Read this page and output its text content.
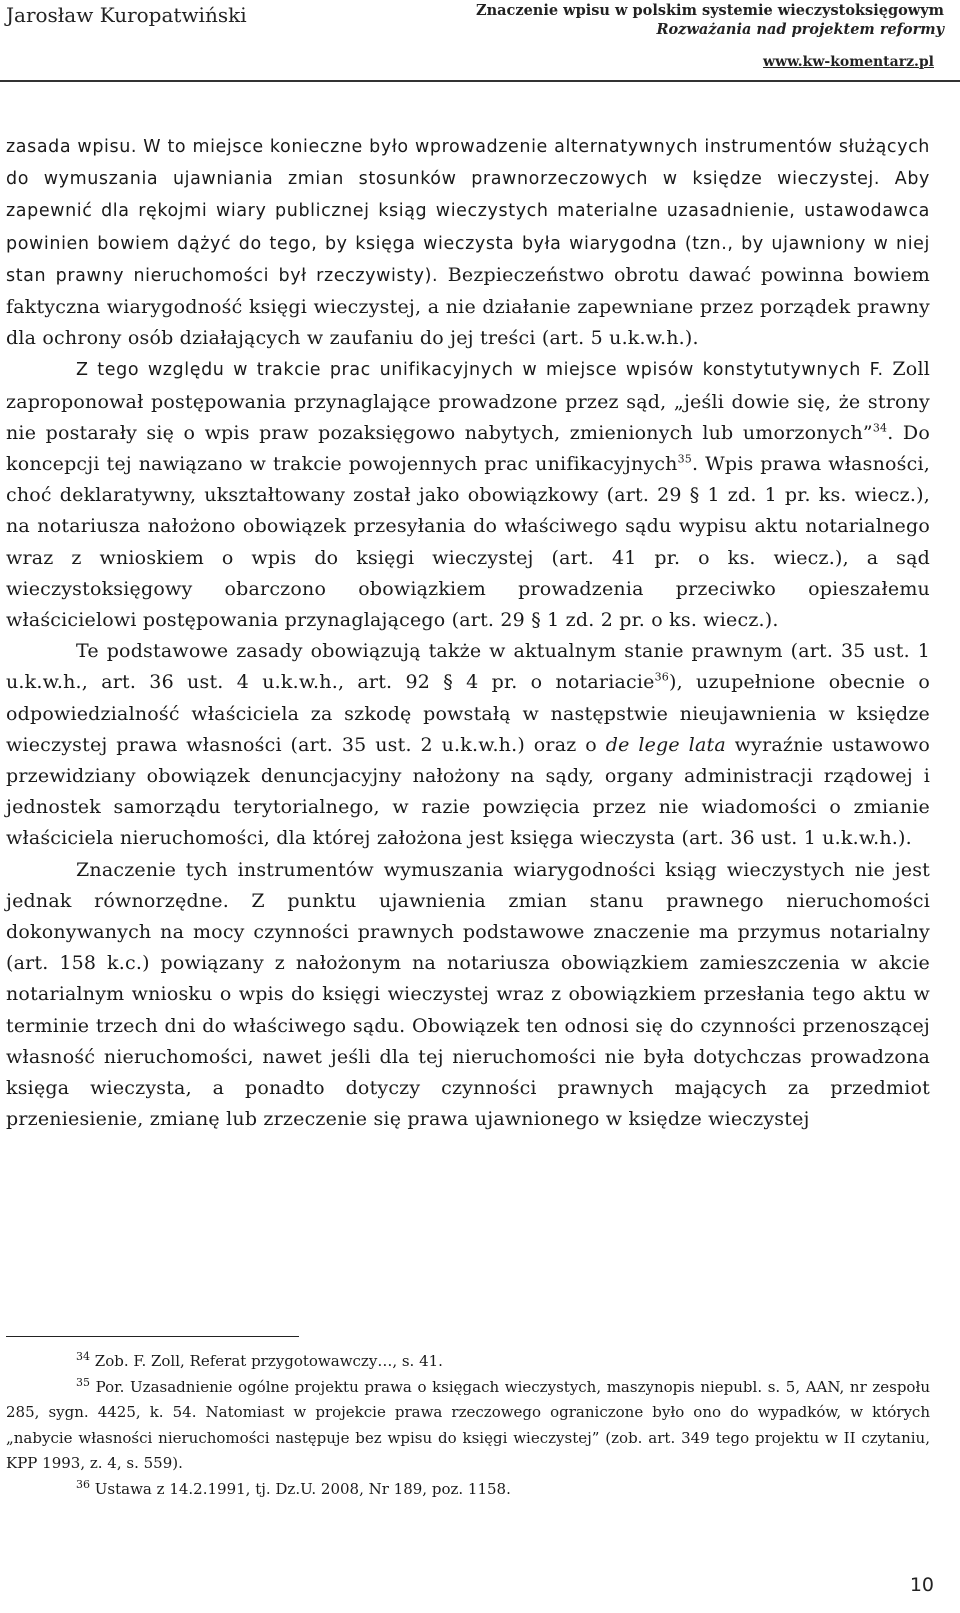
Jarosław Kuropatwiński	Znaczenie wpisu w polskim systemie wieczystoksięgowym
Rozważania nad projektem reformy
www.kw-komentarz.pl

zasada wpisu. W to miejsce konieczne było wprowadzenie alternatywnych instrumentów służących do wymuszania ujawniania zmian stosunków prawnorzeczowych w księdze wieczystej. Aby zapewnić dla rękojmi wiary publicznej ksiąg wieczystych materialne uzasadnienie, ustawodawca powinien bowiem dążyć do tego, by księga wieczysta była wiarygodna (tzn., by ujawniony w niej stan prawny nieruchomości był rzeczywisty). Bezpieczeństwo obrotu dawać powinna bowiem faktyczna wiarygodność księgi wieczystej, a nie działanie zapewniane przez porządek prawny dla ochrony osób działających w zaufaniu do jej treści (art. 5 u.k.w.h.).

Z tego względu w trakcie prac unifikacyjnych w miejsce wpisów konstytutywnych F. Zoll zaproponował postępowania przynaglające prowadzone przez sąd, „jeśli dowie się, że strony nie postarały się o wpis praw pozaksięgowo nabytych, zmienionych lub umorzonych”$^{34}$. Do koncepcji tej nawiązano w trakcie powojennych prac unifikacyjnych$^{35}$. Wpis prawa własności, choć deklaratywny, ukształtowany został jako obowiązkowy (art. 29 § 1 zd. 1 pr. ks. wiecz.), na notariusza nałożono obowiązek przesyłania do właściwego sądu wypisu aktu notarialnego wraz z wnioskiem o wpis do księgi wieczystej (art. 41 pr. o ks. wiecz.), a sąd wieczystoksięgowy obarczono obowiązkiem prowadzenia przeciwko opieszałemu właścicielowi postępowania przynaglającego (art. 29 § 1 zd. 2 pr. o ks. wiecz.).

Te podstawowe zasady obowiązują także w aktualnym stanie prawnym (art. 35 ust. 1 u.k.w.h., art. 36 ust. 4 u.k.w.h., art. 92 § 4 pr. o notariacie$^{36}$), uzupełnione obecnie o odpowiedzialność właściciela za szkodę powstałą w następstwie nieujawnienia w księdze wieczystej prawa własności (art. 35 ust. 2 u.k.w.h.) oraz o de lege lata wyraźnie ustawowo przewidziany obowiązek denuncjacyjny nałożony na sądy, organy administracji rządowej i jednostek samorządu terytorialnego, w razie powzięcia przez nie wiadomości o zmianie właściciela nieruchomości, dla której założona jest księga wieczysta (art. 36 ust. 1 u.k.w.h.).

Znaczenie tych instrumentów wymuszania wiarygodności ksiąg wieczystych nie jest jednak równorzędne. Z punktu ujawnienia zmian stanu prawnego nieruchomości dokonywanych na mocy czynności prawnych podstawowe znaczenie ma przymus notarialny (art. 158 k.c.) powiązany z nałożonym na notariusza obowiązkiem zamieszczenia w akcie notarialnym wniosku o wpis do księgi wieczystej wraz z obowiązkiem przesłania tego aktu w terminie trzech dni do właściwego sądu. Obowiązek ten odnosi się do czynności przenoszącej własność nieruchomości, nawet jeśli dla tej nieruchomości nie była dotychczas prowadzona księga wieczysta, a ponadto dotyczy czynności prawnych mających za przedmiot przeniesienie, zmianę lub zrzeczenie się prawa ujawnionego w księdze wieczystej

$^{34}$ Zob. F. Zoll, Referat przygotowawczy…, s. 41.

$^{35}$ Por. Uzasadnienie ogólne projektu prawa o księgach wieczystych, maszynopis niepubl. s. 5, AAN, nr zespołu 285, sygn. 4425, k. 54. Natomiast w projekcie prawa rzeczowego ograniczone było ono do wypadków, w których „nabycie własności nieruchomości następuje bez wpisu do księgi wieczystej” (zob. art. 349 tego projektu w II czytaniu, KPP 1993, z. 4, s. 559).

$^{36}$ Ustawa z 14.2.1991, tj. Dz.U. 2008, Nr 189, poz. 1158.

10
